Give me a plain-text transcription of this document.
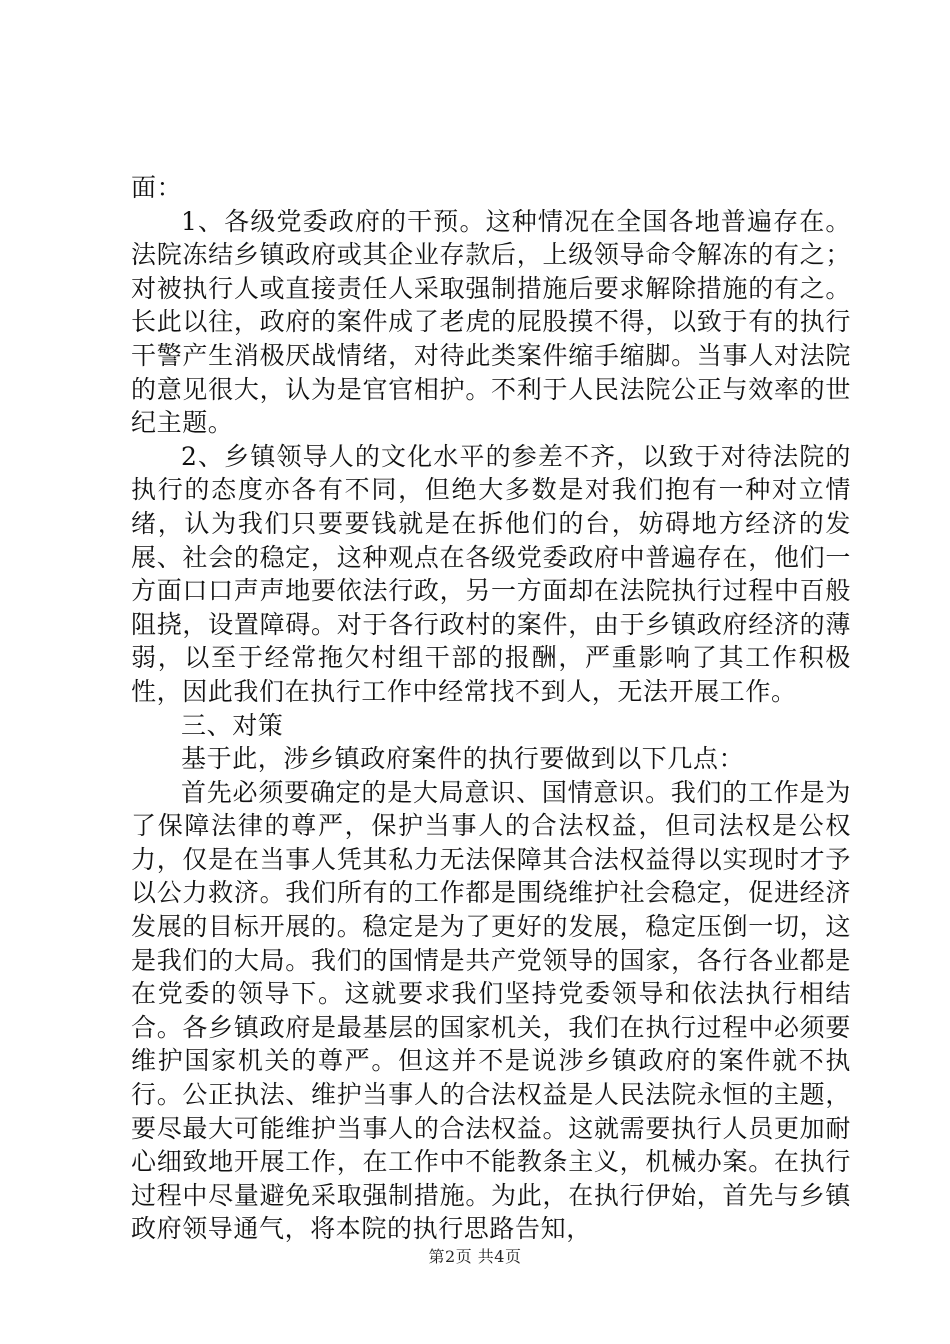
面：

1、各级党委政府的干预。这种情况在全国各地普遍存在。法院冻结乡镇政府或其企业存款后，上级领导命令解冻的有之；对被执行人或直接责任人采取强制措施后要求解除措施的有之。长此以往，政府的案件成了老虎的屁股摸不得，以致于有的执行干警产生消极厌战情绪，对待此类案件缩手缩脚。当事人对法院的意见很大，认为是官官相护。不利于人民法院公正与效率的世纪主题。

2、乡镇领导人的文化水平的参差不齐，以致于对待法院的执行的态度亦各有不同，但绝大多数是对我们抱有一种对立情绪，认为我们只要要钱就是在拆他们的台，妨碍地方经济的发展、社会的稳定，这种观点在各级党委政府中普遍存在，他们一方面口口声声地要依法行政，另一方面却在法院执行过程中百般阻挠，设置障碍。对于各行政村的案件，由于乡镇政府经济的薄弱，以至于经常拖欠村组干部的报酬，严重影响了其工作积极性，因此我们在执行工作中经常找不到人，无法开展工作。

三、对策

基于此，涉乡镇政府案件的执行要做到以下几点：

首先必须要确定的是大局意识、国情意识。我们的工作是为了保障法律的尊严，保护当事人的合法权益，但司法权是公权力，仅是在当事人凭其私力无法保障其合法权益得以实现时才予以公力救济。我们所有的工作都是围绕维护社会稳定，促进经济发展的目标开展的。稳定是为了更好的发展，稳定压倒一切，这是我们的大局。我们的国情是共产党领导的国家，各行各业都是在党委的领导下。这就要求我们坚持党委领导和依法执行相结合。各乡镇政府是最基层的国家机关，我们在执行过程中必须要维护国家机关的尊严。但这并不是说涉乡镇政府的案件就不执行。公正执法、维护当事人的合法权益是人民法院永恒的主题，要尽最大可能维护当事人的合法权益。这就需要执行人员更加耐心细致地开展工作，在工作中不能教条主义，机械办案。在执行过程中尽量避免采取强制措施。为此，在执行伊始，首先与乡镇政府领导通气，将本院的执行思路告知，

第2页 共4页
